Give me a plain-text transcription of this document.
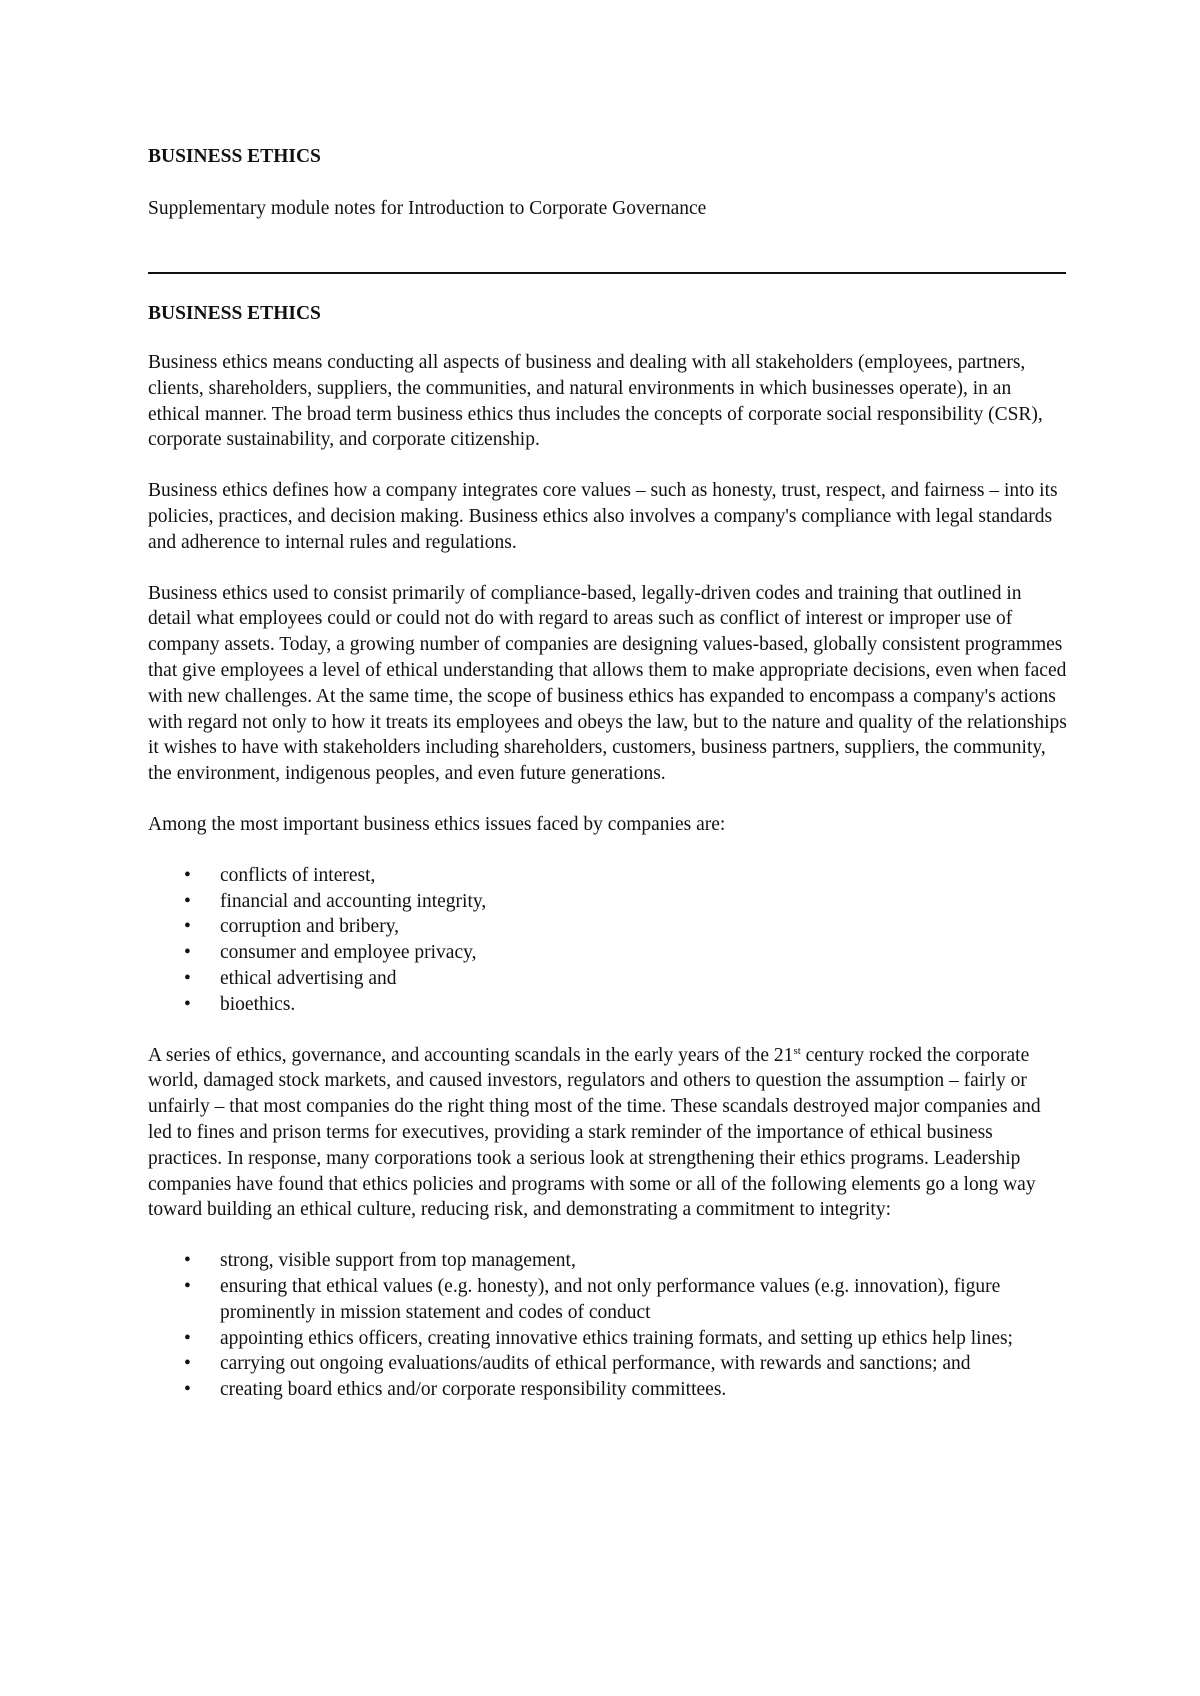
BUSINESS ETHICS
Supplementary module notes for Introduction to Corporate Governance
BUSINESS ETHICS

Business ethics means conducting all aspects of business and dealing with all stakeholders (employees, partners, clients, shareholders, suppliers, the communities, and natural environments in which businesses operate), in an ethical manner. The broad term business ethics thus includes the concepts of corporate social responsibility (CSR), corporate sustainability, and corporate citizenship.

Business ethics defines how a company integrates core values – such as honesty, trust, respect, and fairness – into its policies, practices, and decision making. Business ethics also involves a company's compliance with legal standards and adherence to internal rules and regulations.

Business ethics used to consist primarily of compliance-based, legally-driven codes and training that outlined in detail what employees could or could not do with regard to areas such as conflict of interest or improper use of company assets. Today, a growing number of companies are designing values-based, globally consistent programmes that give employees a level of ethical understanding that allows them to make appropriate decisions, even when faced with new challenges. At the same time, the scope of business ethics has expanded to encompass a company's actions with regard not only to how it treats its employees and obeys the law, but to the nature and quality of the relationships it wishes to have with stakeholders including shareholders, customers, business partners, suppliers, the community, the environment, indigenous peoples, and even future generations.

Among the most important business ethics issues faced by companies are:

• conflicts of interest,
• financial and accounting integrity,
• corruption and bribery,
• consumer and employee privacy,
• ethical advertising and
• bioethics.

A series of ethics, governance, and accounting scandals in the early years of the 21st century rocked the corporate world, damaged stock markets, and caused investors, regulators and others to question the assumption – fairly or unfairly – that most companies do the right thing most of the time. These scandals destroyed major companies and led to fines and prison terms for executives, providing a stark reminder of the importance of ethical business practices. In response, many corporations took a serious look at strengthening their ethics programs. Leadership companies have found that ethics policies and programs with some or all of the following elements go a long way toward building an ethical culture, reducing risk, and demonstrating a commitment to integrity:

• strong, visible support from top management,
• ensuring that ethical values (e.g. honesty), and not only performance values (e.g. innovation), figure prominently in mission statement and codes of conduct
• appointing ethics officers, creating innovative ethics training formats, and setting up ethics help lines;
• carrying out ongoing evaluations/audits of ethical performance, with rewards and sanctions; and
• creating board ethics and/or corporate responsibility committees.
